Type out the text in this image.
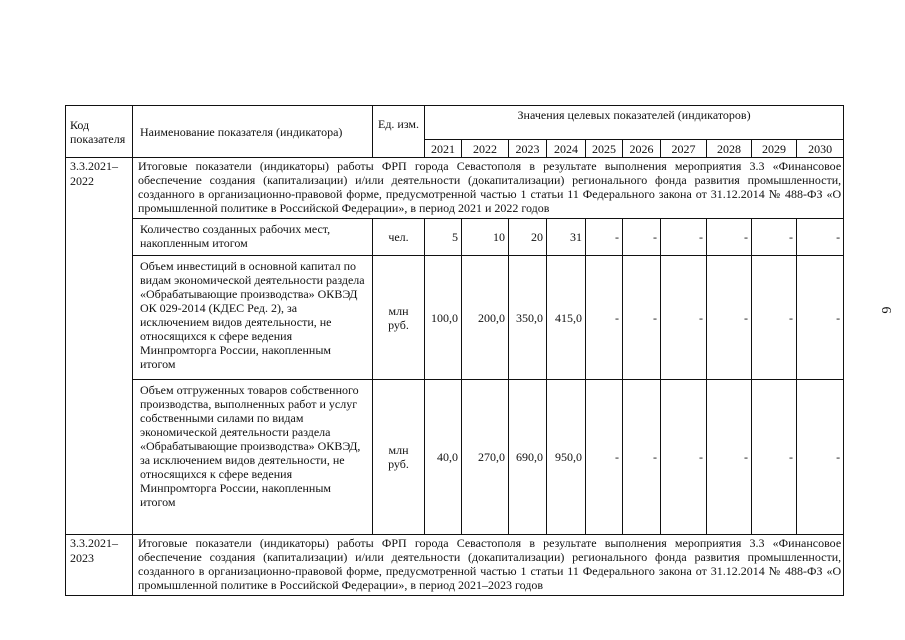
Код показателя	Наименование показателя (индикатора)	Ед. изм.	Значения целевых показателей (индикаторов)									
			2021	2022	2023	2024	2025	2026	2027	2028	2029	2030
3.3.2021– 2022	Итоговые показатели (индикаторы) работы ФРП города Севастополя в результате выполнения мероприятия 3.3 «Финансовое обеспечение создания (капитализации) и/или деятельности (докапитализации) регионального фонда развития промышленности, созданного в организационно-правовой форме, предусмотренной частью 1 статьи 11 Федерального закона от 31.12.2014 № 488-ФЗ «О промышленной политике в Российской Федерации», в период 2021 и 2022 годов											
	Количество созданных рабочих мест, накопленным итогом	чел.	5	10	20	31	-	-	-	-	-	-
	Объем инвестиций в основной капитал по видам экономической деятельности раздела «Обрабатывающие производства» ОКВЭД ОК 029-2014 (КДЕС Ред. 2), за исключением видов деятельности, не относящихся к сфере ведения Минпромторга России, накопленным итогом	млн руб.	100,0	200,0	350,0	415,0	-	-	-	-	-	-
	Объем отгруженных товаров собственного производства, выполненных работ и услуг собственными силами по видам экономической деятельности раздела «Обрабатывающие производства» ОКВЭД, за исключением видов деятельности, не относящихся к сфере ведения Минпромторга России, накопленным итогом	млн руб.	40,0	270,0	690,0	950,0	-	-	-	-	-	-
3.3.2021– 2023	Итоговые показатели (индикаторы) работы ФРП города Севастополя в результате выполнения мероприятия 3.3 «Финансовое обеспечение создания (капитализации) и/или деятельности (докапитализации) регионального фонда развития промышленности, созданного в организационно-правовой форме, предусмотренной частью 1 статьи 11 Федерального закона от 31.12.2014 № 488-ФЗ «О промышленной политике в Российской Федерации», в период 2021–2023 годов											
6
